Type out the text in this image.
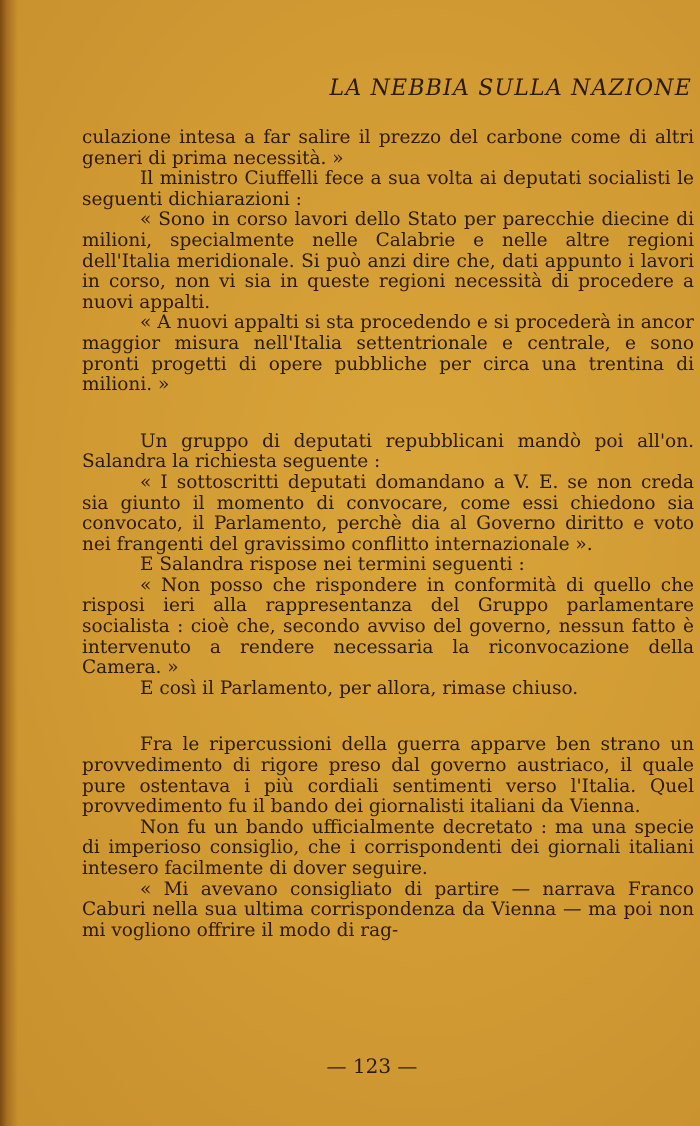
LA NEBBIA SULLA NAZIONE

culazione intesa a far salire il prezzo del carbone come di altri generi di prima necessità. »

Il ministro Ciuffelli fece a sua volta ai deputati socialisti le seguenti dichiarazioni :

« Sono in corso lavori dello Stato per parecchie diecine di milioni, specialmente nelle Calabrie e nelle altre regioni dell'Italia meridionale. Si può anzi dire che, dati appunto i lavori in corso, non vi sia in queste regioni necessità di procedere a nuovi appalti.

« A nuovi appalti si sta procedendo e si procederà in ancor maggior misura nell'Italia settentrionale e centrale, e sono pronti progetti di opere pubbliche per circa una trentina di milioni. »

Un gruppo di deputati repubblicani mandò poi all'on. Salandra la richiesta seguente :

« I sottoscritti deputati domandano a V. E. se non creda sia giunto il momento di convocare, come essi chiedono sia convocato, il Parlamento, perchè dia al Governo diritto e voto nei frangenti del gravissimo conflitto internazionale ».

E Salandra rispose nei termini seguenti :

« Non posso che rispondere in conformità di quello che risposi ieri alla rappresentanza del Gruppo parlamentare socialista : cioè che, secondo avviso del governo, nessun fatto è intervenuto a rendere necessaria la riconvocazione della Camera. »

E così il Parlamento, per allora, rimase chiuso.

Fra le ripercussioni della guerra apparve ben strano un provvedimento di rigore preso dal governo austriaco, il quale pure ostentava i più cordiali sentimenti verso l'Italia. Quel provvedimento fu il bando dei giornalisti italiani da Vienna.

Non fu un bando ufficialmente decretato : ma una specie di imperioso consiglio, che i corrispondenti dei giornali italiani intesero facilmente di dover seguire.

« Mi avevano consigliato di partire — narrava Franco Caburi nella sua ultima corrispondenza da Vienna — ma poi non mi vogliono offrire il modo di rag-

— 123 —
